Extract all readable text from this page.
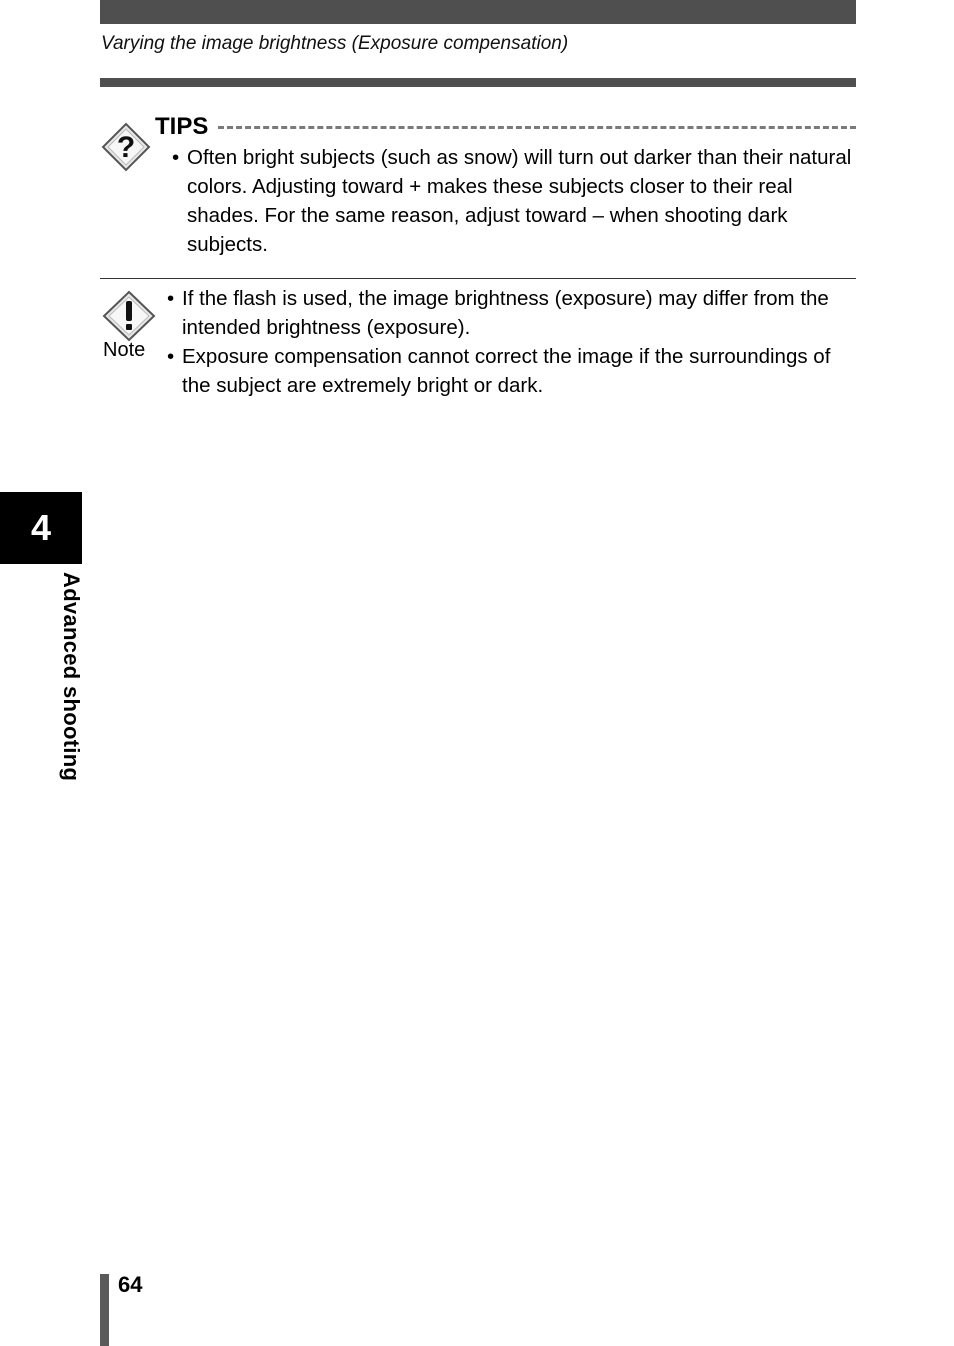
Varying the image brightness (Exposure compensation)
?
TIPS
• Often bright subjects (such as snow) will turn out darker than their natural colors. Adjusting toward + makes these subjects closer to their real shades. For the same reason, adjust toward – when shooting dark subjects.
Note
• If the flash is used, the image brightness (exposure) may differ from the intended brightness (exposure).
• Exposure compensation cannot correct the image if the surroundings of the subject are extremely bright or dark.
4
Advanced shooting
64
